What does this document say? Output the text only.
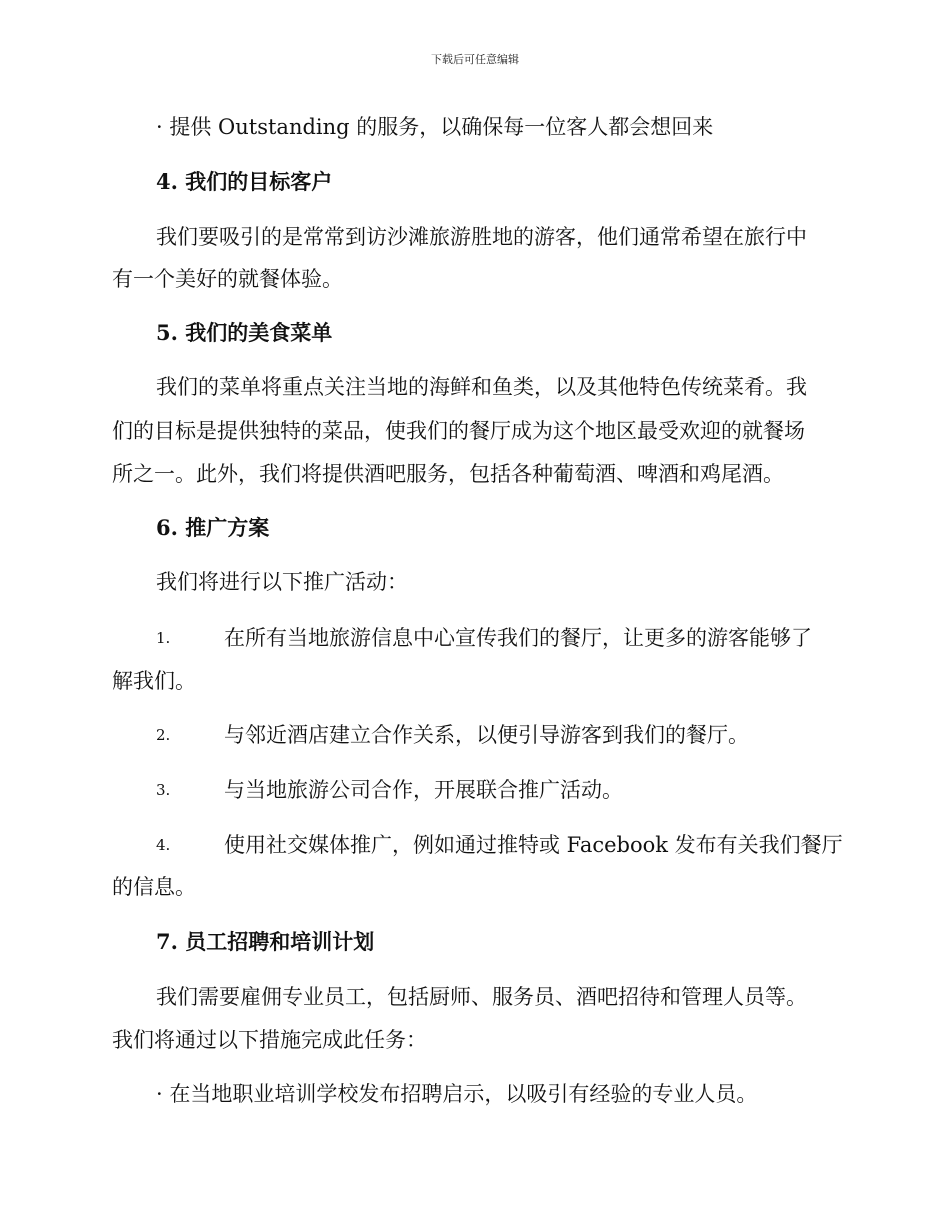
下载后可任意编辑
· 提供 Outstanding 的服务，以确保每一位客人都会想回来
4. 我们的目标客户
我们要吸引的是常常到访沙滩旅游胜地的游客，他们通常希望在旅行中
有一个美好的就餐体验。
5. 我们的美食菜单
我们的菜单将重点关注当地的海鲜和鱼类，以及其他特色传统菜肴。我
们的目标是提供独特的菜品，使我们的餐厅成为这个地区最受欢迎的就餐场
所之一。此外，我们将提供酒吧服务，包括各种葡萄酒、啤酒和鸡尾酒。
6. 推广方案
我们将进行以下推广活动：
1.	在所有当地旅游信息中心宣传我们的餐厅，让更多的游客能够了
解我们。
2.	与邻近酒店建立合作关系，以便引导游客到我们的餐厅。
3.	与当地旅游公司合作，开展联合推广活动。
4.	使用社交媒体推广，例如通过推特或 Facebook 发布有关我们餐厅
的信息。
7. 员工招聘和培训计划
我们需要雇佣专业员工，包括厨师、服务员、酒吧招待和管理人员等。
我们将通过以下措施完成此任务：
· 在当地职业培训学校发布招聘启示，以吸引有经验的专业人员。
